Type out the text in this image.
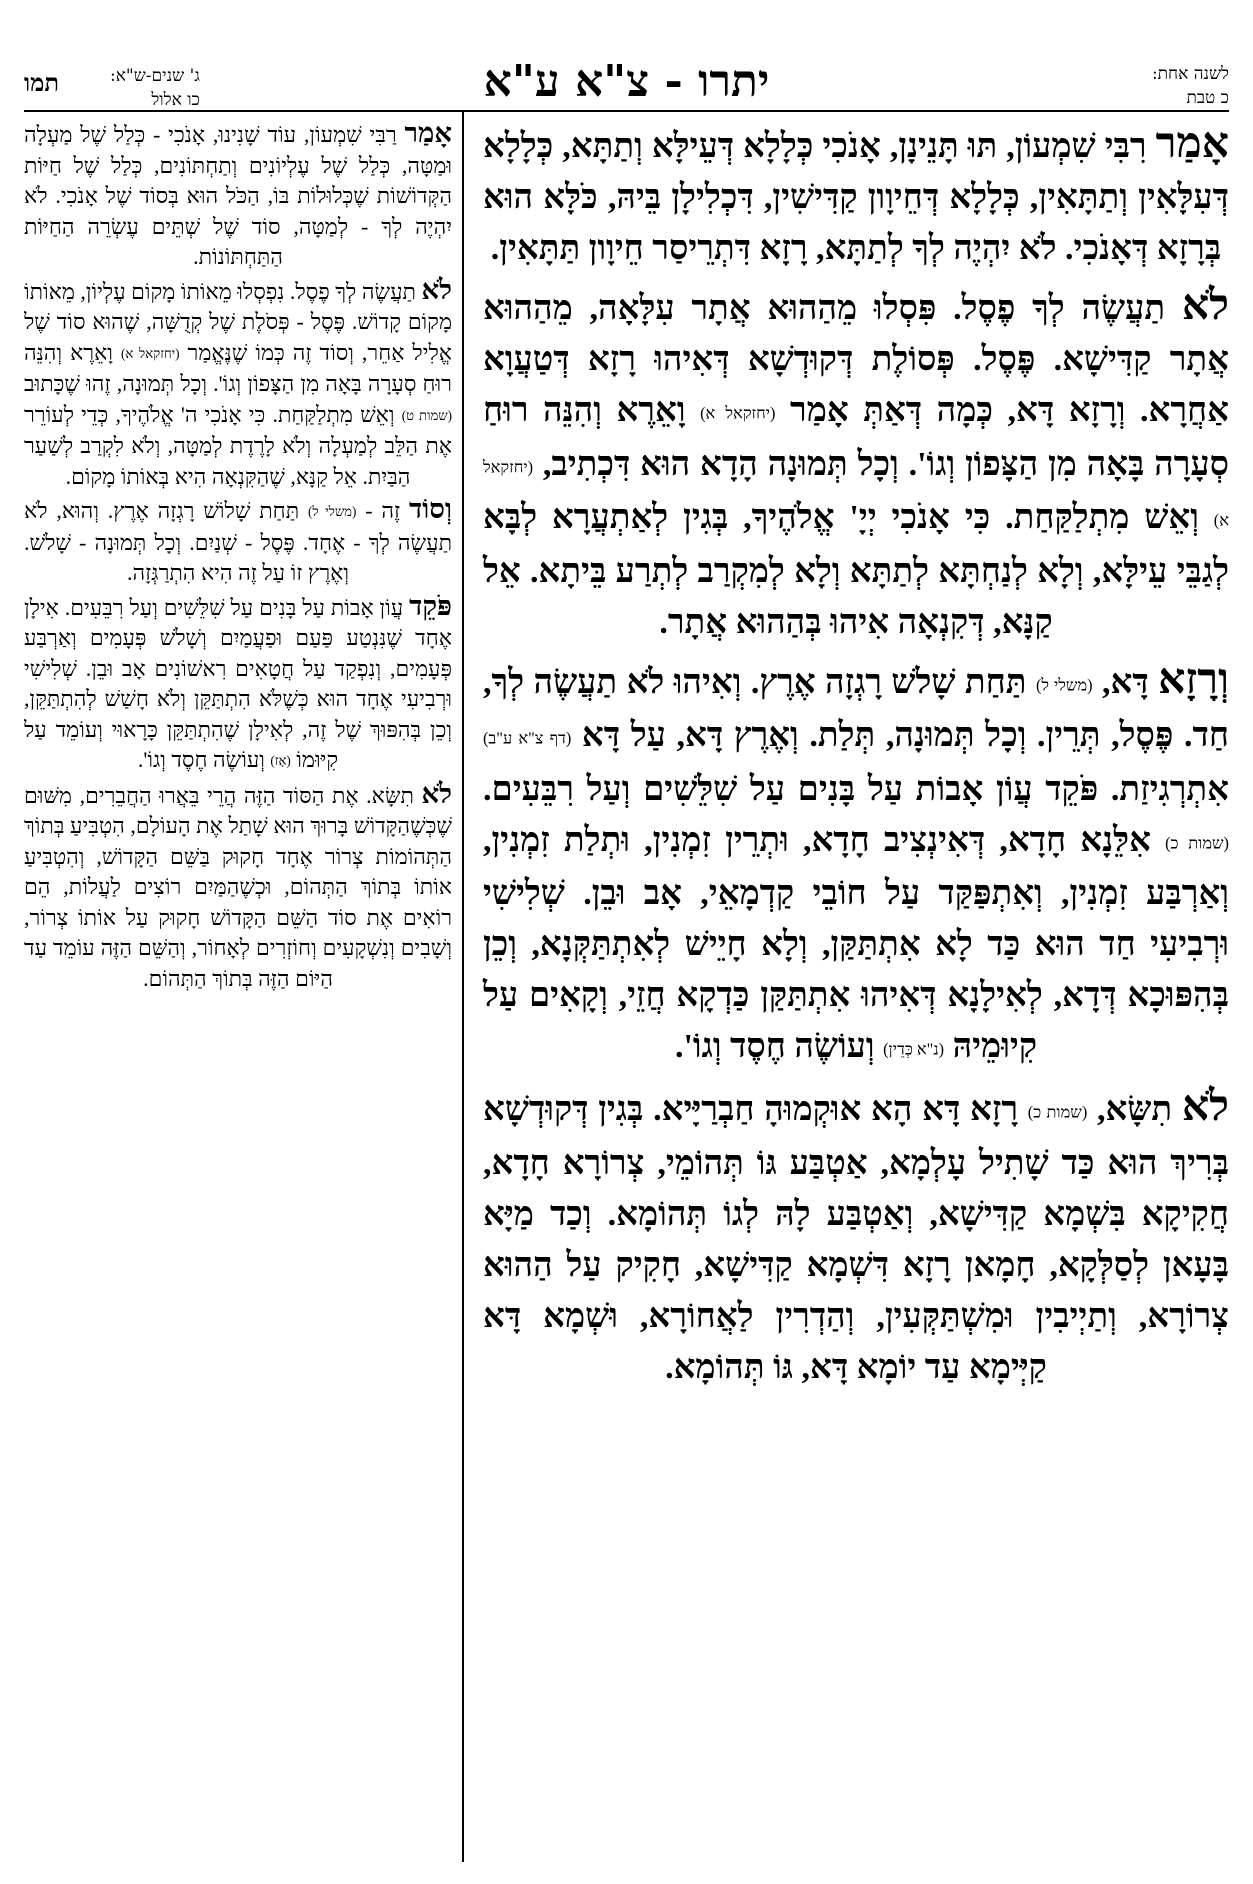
לשנה אחת:
כ טבת
יתרו - צ"א ע"א
ג' שנים-ש"א:
כו אלול
תמו

אָמַר רִבִּי שִׁמְעוֹן, תּוּ תָּנֵינָן, אָנֹכִי כְּלָלָא דְּעֵילָּא וְתַתָּא, כְּלָלָא דְּעִלָּאִין וְתַתָּאִין, כְּלָלָא דְּחֵיוָון קַדִּישִׁין, דִּכְלִילָן בֵּיהּ, כֹּלָּא הוּא בְּרָזָא דְּאָנֹכִי. לֹא יִהְיֶה לְךָ לְתַתָּא, רָזָא דִּתְרֵיסַר חֵיוָון תַּתָּאִין.

לֹא תַעֲשֶׂה לְךָ פֶסֶל. פִּסְלוּ מֵהַהוּא אֲתָר עִלָּאָה, מֵהַהוּא אֲתָר קַדִּישָׁא. פֶּסֶל. פְּסוֹלֶת דְּקוּדְשָׁא דְּאִיהוּ רָזָא דְּטַעֲוָא אַחֲרָא. וְרָזָא דָּא, כְּמָה דְּאַתְּ אָמַר (יחזקאל א) וָאֵרֶא וְהִנֵּה רוּחַ סְעָרָה בָּאָה מִן הַצָּפוֹן וְגוֹ'. וְכָל תְּמוּנָה הָדָא הוּא דִּכְתִיב, (יחזקאל א) וְאֵשׁ מִתְלַקַּחַת. כִּי אָנֹכִי יְיָ' אֱלֹהֶיךָ, בְּגִין לְאַתְעֲרָא לְבָּא לְגַבֵּי עֵילָּא, וְלָא לְנַחְתָּא לְתַתָּא וְלָא לְמִקְרַב לְתְרַע בֵּיתָא. אֵל קַנָּא, דְּקִנְאָה אִיהוּ בְּהַהוּא אֲתָר.

וְרָזָא דָּא, (משלי ל) תַּחַת שָׁלשׁ רָגְזָה אֶרֶץ. וְאִיהוּ לֹא תַעֲשֶׂה לְךָ, חַד. פֶּסֶל, תְּרֵין. וְכָל תְּמוּנָה, תְּלַת. וְאֶרֶץ דָּא, עַל דָּא (דף צ"א ע"ב) אִתְרְגִיזַת. פֹּקֵד עֲוֹן אָבוֹת עַל בָּנִים עַל שִׁלֵּשִׁים וְעַל רִבֵּעִים. (שמות כ) אִלֵּנָא חָדָא, דְּאִינְצִיב חָדָא, וּתְרֵין זִמְנִין, וּתְלַת זִמְנִין, וְאַרְבַּע זִמְנִין, וְאִתְפַּקַּד עַל חוֹבֵי קַדְמָאֵי, אָב וּבֵן. שְׁלִישִׁי וּרְבִיעִי חַד הוּא כַּד לָא אִתְתַּקַּן, וְלָא חָיֵישׁ לְאִתְתַּקְּנָא, וְכֵן בְּהִפּוּכָא דְּדָא, לְאִילָנָא דְּאִיהוּ אִתְתַּקַּן כַּדְקָא חֲזֵי, וְקָאִים עַל קִיוּמֵיהּ (נ"א כְּדֵין) וְעוֹשֶׂה חֶסֶד וְגוֹ'.

לֹא תִשָּׂא, (שמות כ) רָזָא דָּא הָא אוּקְמוּהָ חַבְרַיָּיא. בְּגִין דְּקוּדְשָׁא בְּרִיךְ הוּא כַּד שָׁתִיל עָלְמָא, אַטְבַּע גּוֹ תְּהוֹמֵי, צְרוֹרָא חָדָא, חֲקִיקָא בִּשְׁמָא קַדִּישָׁא, וְאַטְבַּע לָהּ לְגוֹ תְּהוֹמָא. וְכַד מַיָּא בָּעָאן לְסַלְּקָא, חָמָאן רָזָא דִּשְׁמָא קַדִּישָׁא, חָקִיק עַל הַהוּא צְרוֹרָא, וְתַיְיבִין וּמִשְׁתַּקְּעִין, וְהַדְרִין לַאֲחוֹרָא, וּשְׁמָא דָּא קַיְּימָא עַד יוֹמָא דָּא, גּוֹ תְּהוֹמָא.

אָמַר רַבִּי שִׁמְעוֹן, עוֹד שָׁנִינוּ, אָנֹכִי - כְּלַל שֶׁל מַעְלָה וּמַטָּה, כְּלַל שֶׁל עֶלְיוֹנִים וְתַחְתּוֹנִים, כְּלַל שֶׁל חַיּוֹת הַקְּדוֹשׁוֹת שֶׁכְּלוּלוֹת בּוֹ, הַכֹּל הוּא בְּסוֹד שֶׁל אָנֹכִי. לֹא יִהְיֶה לְךָ - לְמַטָּה, סוֹד שֶׁל שְׁתֵּים עֶשְׂרֵה הַחַיּוֹת הַתַּחְתּוֹנוֹת.

לֹא תַעֲשֶׂה לְךָ פֶסֶל. נִפְסְלוּ מֵאוֹתוֹ מָקוֹם עֶלְיוֹן, מֵאוֹתוֹ מָקוֹם קָדוֹשׁ. פֶּסֶל - פְּסֹלֶת שֶׁל קְדֻשָּׁה, שֶׁהוּא סוֹד שֶׁל אֱלִיל אַחֵר, וְסוֹד זֶה כְּמוֹ שֶׁנֶּאֱמַר (יחזקאל א) וָאֵרֶא וְהִנֵּה רוּחַ סְעָרָה בָּאָה מִן הַצָּפוֹן וְגוֹ'. וְכָל תְּמוּנָה, זֶהוּ שֶׁכָּתוּב (שמות ט) וְאֵשׁ מִתְלַקַּחַת. כִּי אָנֹכִי ה' אֱלֹהֶיךָ, כְּדֵי לְעוֹרֵר אֶת הַלֵּב לְמַעְלָה וְלֹא לָרֶדֶת לְמַטָּה, וְלֹא לִקְרַב לְשַׁעַר הַבַּיִת. אֵל קַנָּא, שֶׁהַקִּנְאָה הִיא בְּאוֹתוֹ מָקוֹם.

וְסוֹד זֶה - (משלי ל) תַּחַת שָׁלוֹשׁ רָגְזָה אֶרֶץ. וְהוּא, לֹא תַעֲשֶׂה לְךָ - אֶחָד. פֶּסֶל - שְׁנַיִם. וְכָל תְּמוּנָה - שָׁלֹשׁ. וְאֶרֶץ זוֹ עַל זֶה הִיא הִתְרַגְּזָה.

פֹּקֵד עֲוֹן אָבוֹת עַל בָּנִים עַל שִׁלֵּשִׁים וְעַל רִבֵּעִים. אִילָן אֶחָד שֶׁנִּנְטַע פַּעַם וּפַעֲמַיִם וְשָׁלֹשׁ פְּעָמִים וְאַרְבַּע פְּעָמִים, וְנִפְקַד עַל חֲטָאִים רִאשׁוֹנִים אָב וּבֵן. שְׁלִישִׁי וּרְבִיעִי אֶחָד הוּא כְּשֶׁלֹּא הִתְתַּקֵּן וְלֹא חָשַׁשׁ לְהִתְתַּקֵּן, וְכֵן בְּהִפּוּךְ שֶׁל זֶה, לְאִילָן שֶׁהִתְתַּקֵּן כָּרָאוּי וְעוֹמֵד עַל קִיּוּמוֹ (אָז) וְעוֹשֶׂה חֶסֶד וְגוֹ'.

לֹא תִשָּׂא. אֶת הַסּוֹד הַזֶּה הֲרֵי בֵּאֲרוּ הַחֲבֵרִים, מִשּׁוּם שֶׁכְּשֶׁהַקָּדוֹשׁ בָּרוּךְ הוּא שָׁתַל אֶת הָעוֹלָם, הִטְבִּיעַ בְּתוֹךְ הַתְּהוֹמוֹת צְרוֹר אֶחָד חָקוּק בַּשֵּׁם הַקָּדוֹשׁ, וְהִטְבִּיעַ אוֹתוֹ בְּתוֹךְ הַתְּהוֹם, וּכְשֶׁהַמַּיִם רוֹצִים לַעֲלוֹת, הֵם רוֹאִים אֶת סוֹד הַשֵּׁם הַקָּדוֹשׁ חָקוּק עַל אוֹתוֹ צְרוֹר, וְשָׁבִים וְנִשְׁקָעִים וְחוֹזְרִים לְאָחוֹר, וְהַשֵּׁם הַזֶּה עוֹמֵד עַד הַיּוֹם הַזֶּה בְּתוֹךְ הַתְּהוֹם.
